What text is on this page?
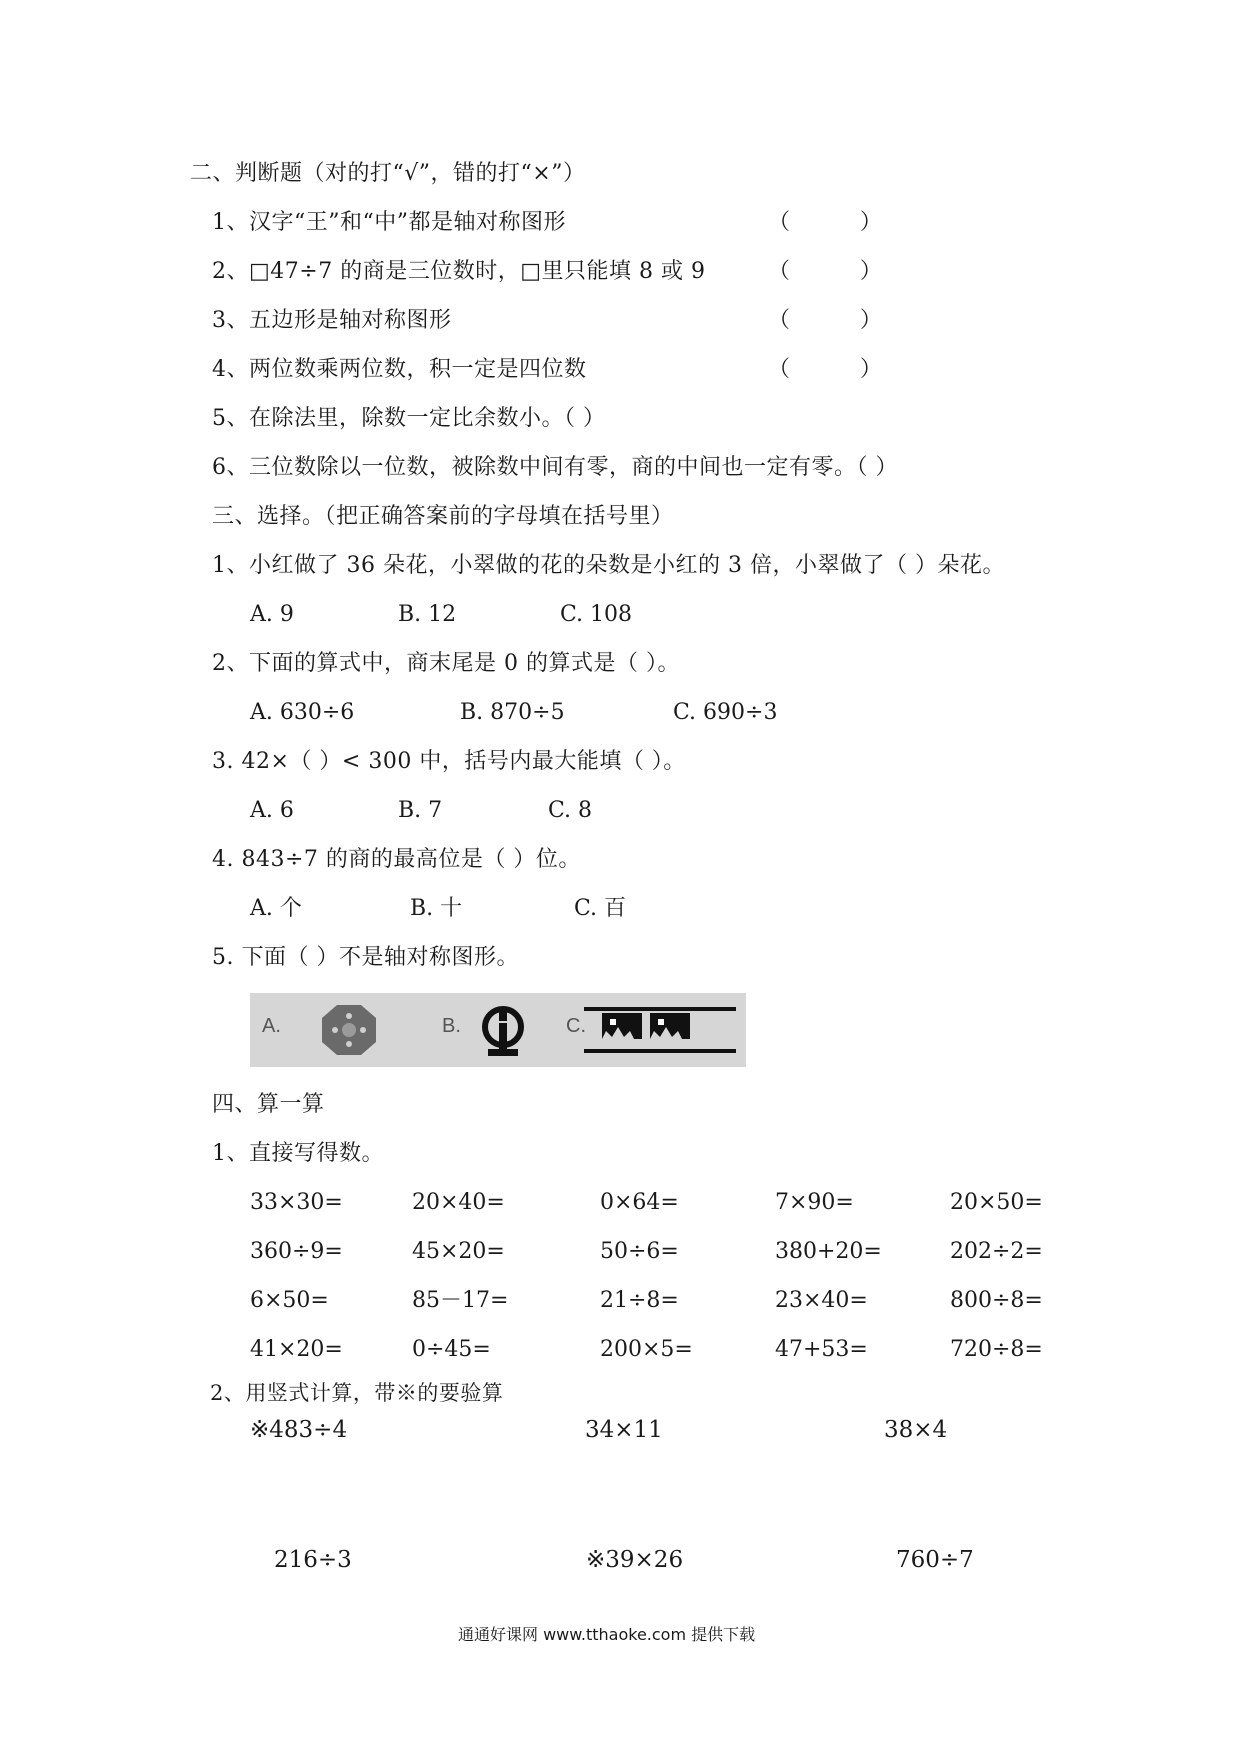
二、判断题（对的打“√”，错的打“×”）
1、汉字“王”和“中”都是轴对称图形	（          ）
2、□47÷7 的商是三位数时，□里只能填 8 或 9	（          ）
3、五边形是轴对称图形	（          ）
4、两位数乘两位数，积一定是四位数	（          ）
5、在除法里，除数一定比余数小。（ ）
6、三位数除以一位数，被除数中间有零，商的中间也一定有零。（ ）
三、选择。（把正确答案前的字母填在括号里）
1、小红做了 36 朵花，小翠做的花的朵数是小红的 3 倍，小翠做了（ ）朵花。
A. 9	B. 12	C. 108
2、下面的算式中，商末尾是 0 的算式是（ ）。
A. 630÷6	B. 870÷5	C. 690÷3
3. 42×（ ）< 300 中，括号内最大能填（ ）。
A. 6	B. 7	C. 8
4. 843÷7 的商的最高位是（ ）位。
A. 个	B. 十	C. 百
5. 下面（ ）不是轴对称图形。
A.	B.	C.
四、算一算
1、直接写得数。
33×30=	20×40=	0×64=	7×90=	20×50=
360÷9=	45×20=	50÷6=	380+20=	202÷2=
6×50=	85－17=	21÷8=	23×40=	800÷8=
41×20=	0÷45=	200×5=	47+53=	720÷8=
2、用竖式计算，带※的要验算
※483÷4	34×11	38×4
216÷3	※39×26	760÷7
通通好课网 www.tthaoke.com 提供下载
